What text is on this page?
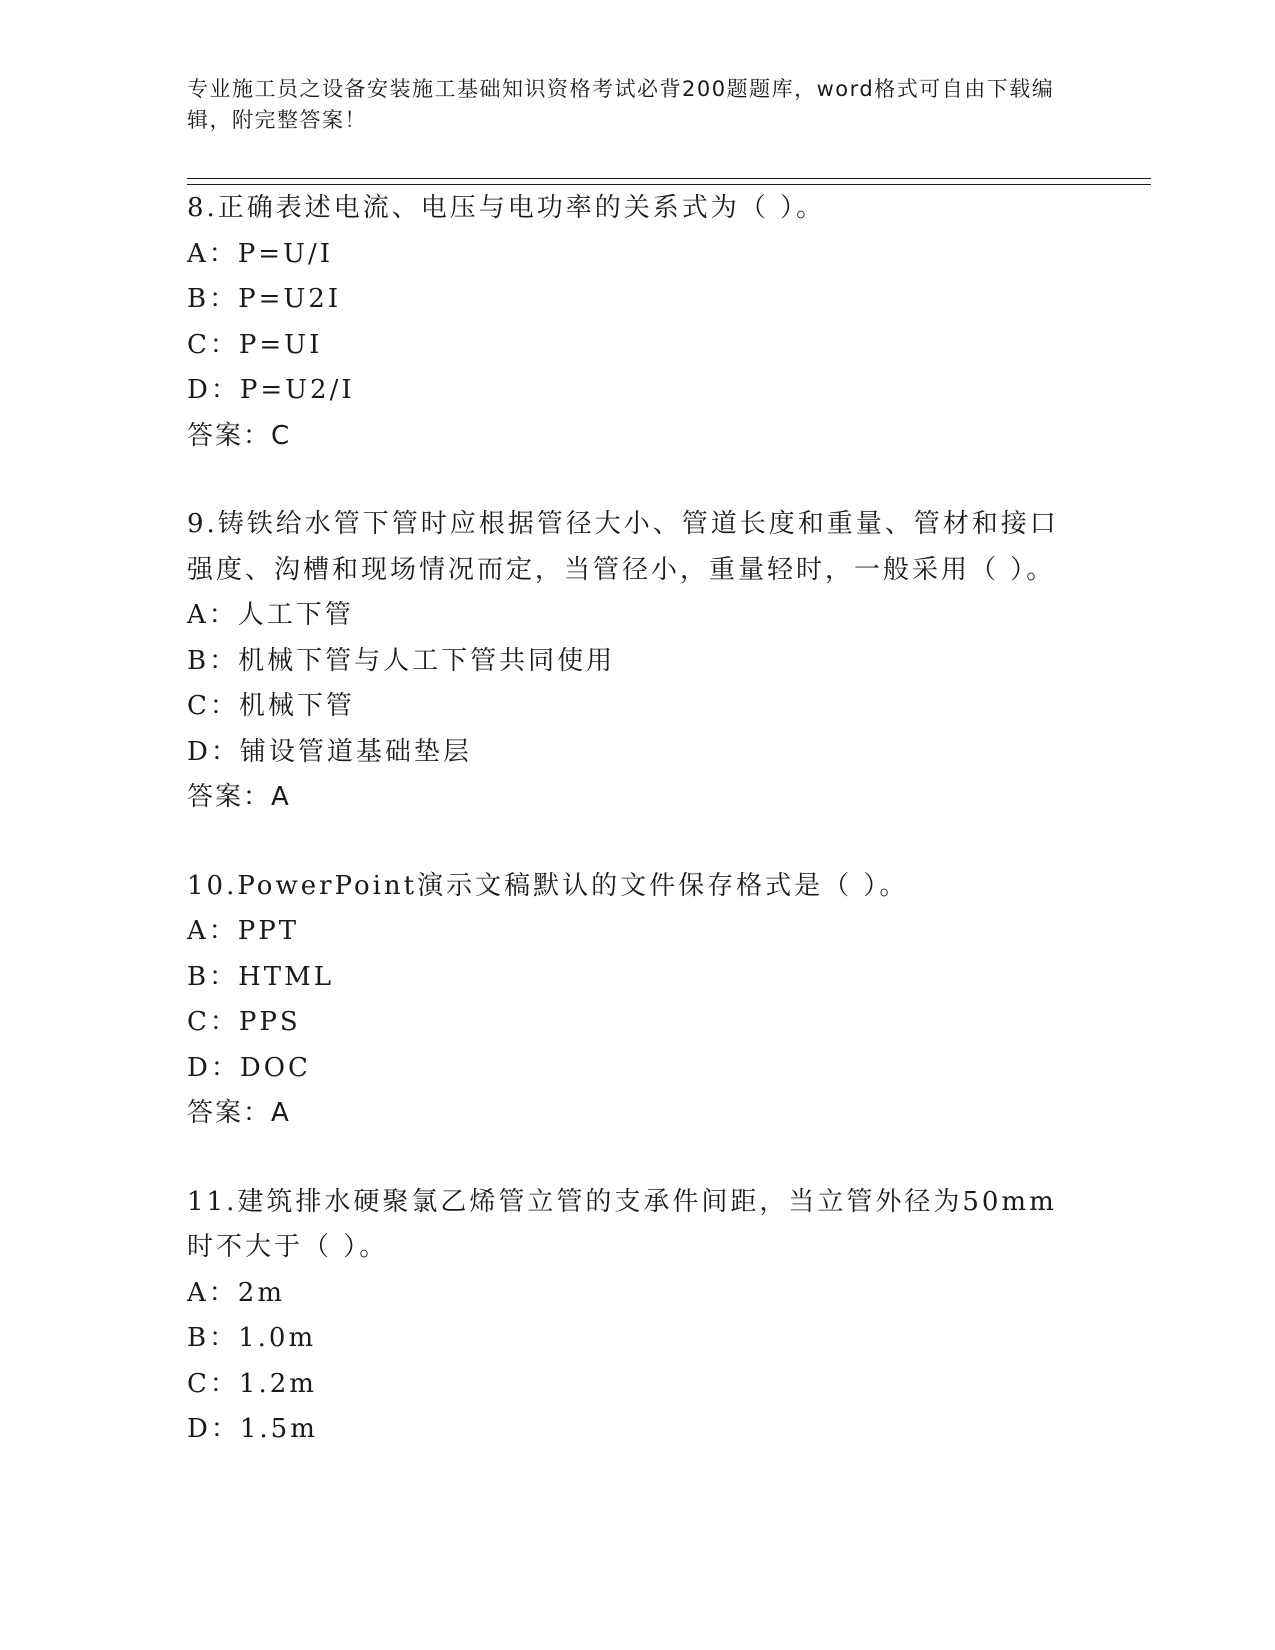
专业施工员之设备安装施工基础知识资格考试必背200题题库，word格式可自由下载编辑，附完整答案！
8.正确表述电流、电压与电功率的关系式为（ ）。
A：P=U/I
B：P=U2I
C：P=UI
D：P=U2/I
答案：C
9.铸铁给水管下管时应根据管径大小、管道长度和重量、管材和接口强度、沟槽和现场情况而定，当管径小，重量轻时，一般采用（ ）。
A：人工下管
B：机械下管与人工下管共同使用
C：机械下管
D：铺设管道基础垫层
答案：A
10.PowerPoint演示文稿默认的文件保存格式是（ ）。
A：PPT
B：HTML
C：PPS
D：DOC
答案：A
11.建筑排水硬聚氯乙烯管立管的支承件间距，当立管外径为50mm时不大于（ ）。
A：2m
B：1.0m
C：1.2m
D：1.5m
